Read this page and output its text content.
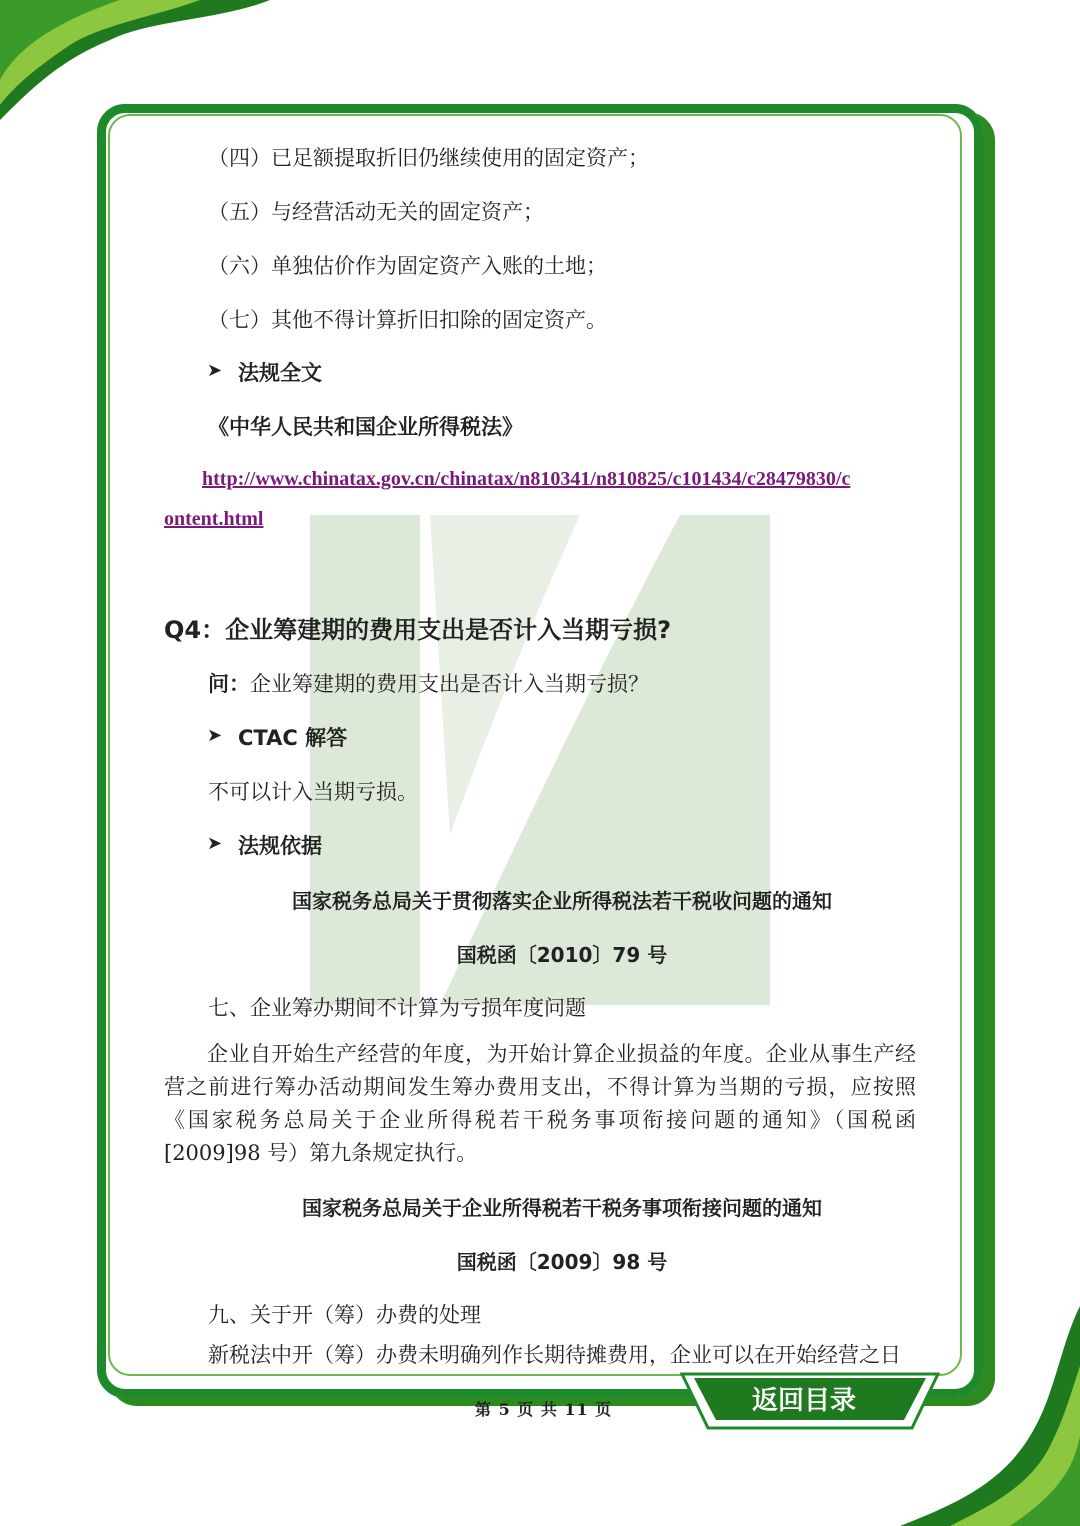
（四）已足额提取折旧仍继续使用的固定资产；
（五）与经营活动无关的固定资产；
（六）单独估价作为固定资产入账的土地；
（七）其他不得计算折旧扣除的固定资产。
➤ 法规全文
《中华人民共和国企业所得税法》
http://www.chinatax.gov.cn/chinatax/n810341/n810825/c101434/c28479830/c
ontent.html
Q4：企业筹建期的费用支出是否计入当期亏损?
问：企业筹建期的费用支出是否计入当期亏损？
➤ CTAC 解答
不可以计入当期亏损。
➤ 法规依据
国家税务总局关于贯彻落实企业所得税法若干税收问题的通知
国税函〔2010〕79 号
七、企业筹办期间不计算为亏损年度问题
企业自开始生产经营的年度，为开始计算企业损益的年度。企业从事生产经营之前进行筹办活动期间发生筹办费用支出，不得计算为当期的亏损，应按照《国家税务总局关于企业所得税若干税务事项衔接问题的通知》（国税函[2009]98 号）第九条规定执行。
国家税务总局关于企业所得税若干税务事项衔接问题的通知
国税函〔2009〕98 号
九、关于开（筹）办费的处理
新税法中开（筹）办费未明确列作长期待摊费用，企业可以在开始经营之日
第 5 页 共 11 页	返回目录
